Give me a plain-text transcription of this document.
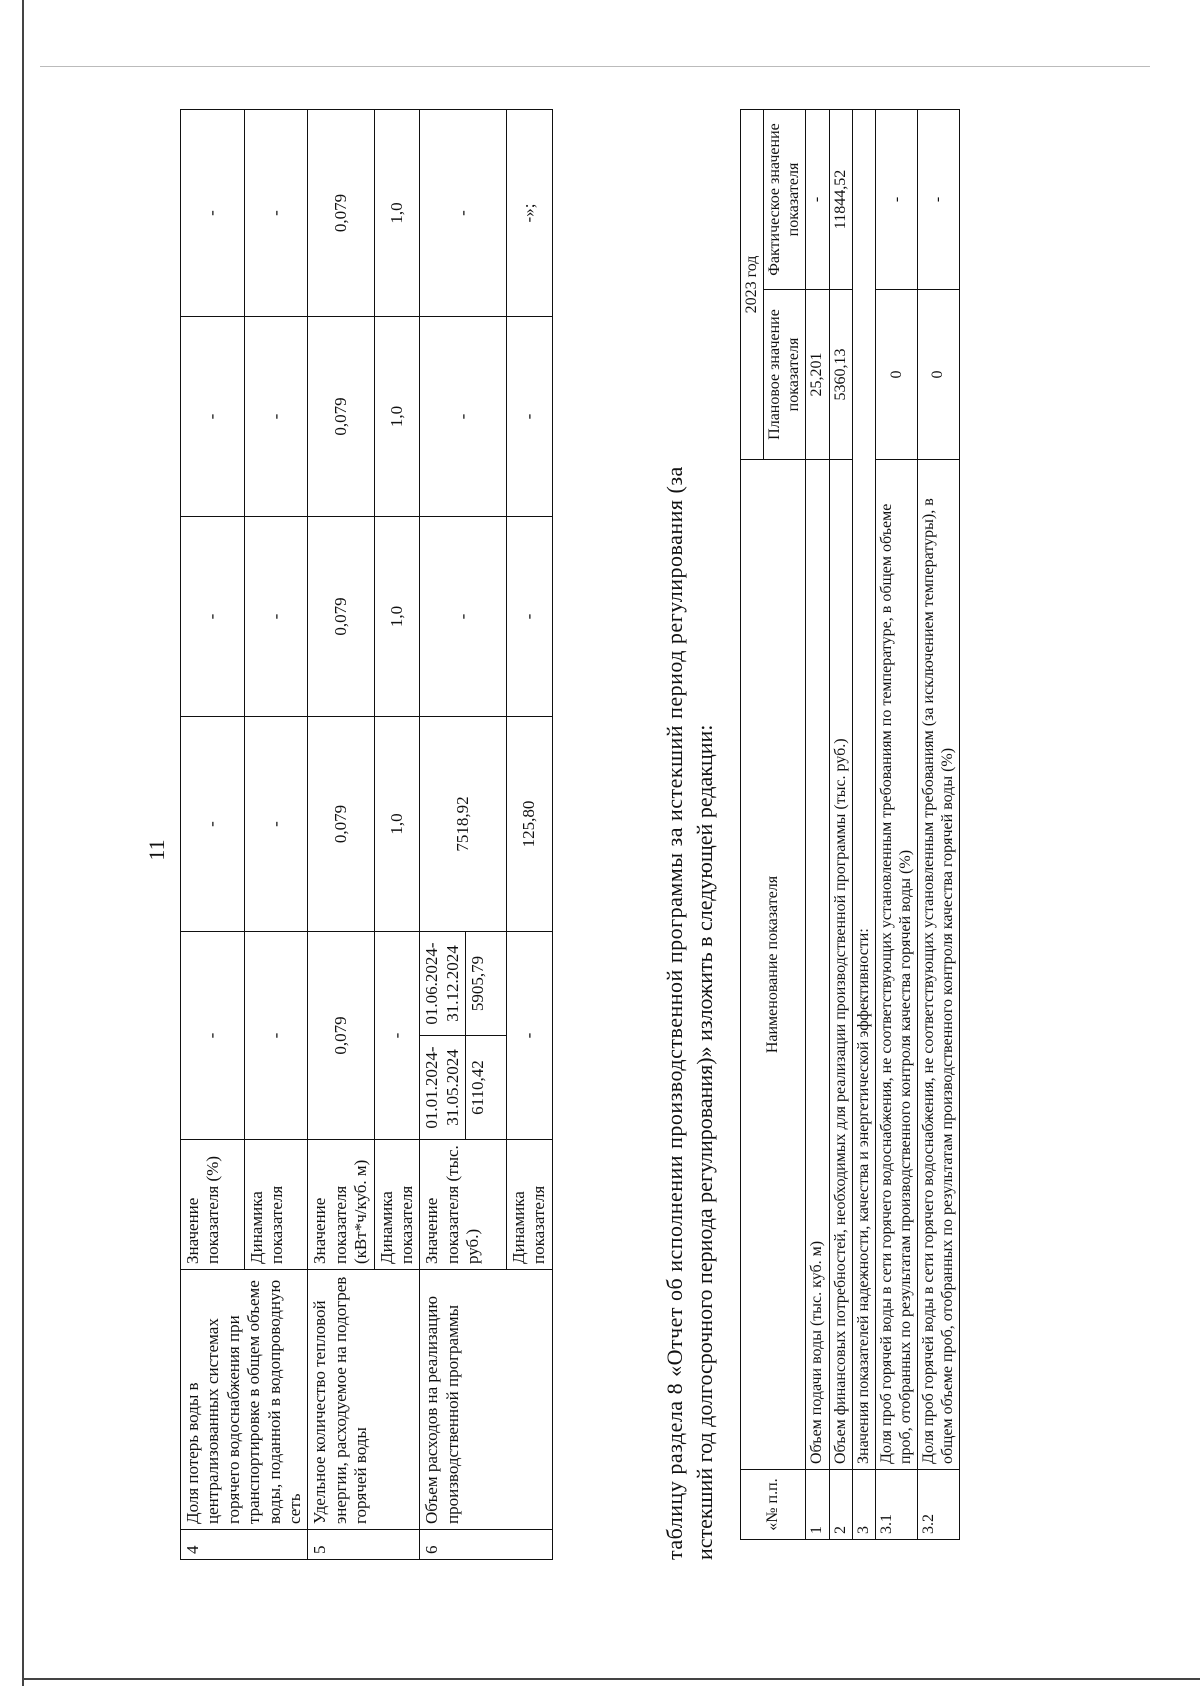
11
4	Доля потерь воды в централизованных системах горячего водоснабжения при транспортировке в общем объеме воды, поданной в водопроводную сеть	Значение показателя (%)	-		-	-	-	-
		Динамика показателя	-		-	-	-	-
5	Удельное количество тепловой энергии, расходуемое на подогрев горячей воды	Значение показателя (кВт*ч/куб. м)	0,079		0,079	0,079	0,079	0,079
		Динамика показателя	-		1,0	1,0	1,0	1,0
6	Объем расходов на реализацию производственной программы	Значение показателя (тыс. руб.)	01.01.2024-31.05.2024	01.06.2024-31.12.2024	7518,92	-	-	-
			6110,42	5905,79				
		Динамика показателя	-		125,80	-	-	-»;
таблицу раздела 8 «Отчет об исполнении производственной программы за истекший период регулирования (за истекший год долгосрочного периода регулирования)» изложить в следующей редакции:	«№ п.п.	Наименование показателя	2023 год	
		Плановое значение показателя	Фактическое значение показателя
1	Объем подачи воды (тыс. куб. м)	25,201	-
2	Объем финансовых потребностей, необходимых для реализации производственной программы (тыс. руб.)	5360,13	11844,52
3	Значения показателей надежности, качества и энергетической эффективности:		
3.1	Доля проб горячей воды в сети горячего водоснабжения, не соответствующих установленным требованиям по температуре, в общем объеме проб, отобранных по результатам производственного контроля качества горячей воды (%)	0	-
3.2	Доля проб горячей воды в сети горячего водоснабжения, не соответствующих установленным требованиям (за исключением температуры), в общем объеме проб, отобранных по результатам производственного контроля качества горячей воды (%)	0	-
